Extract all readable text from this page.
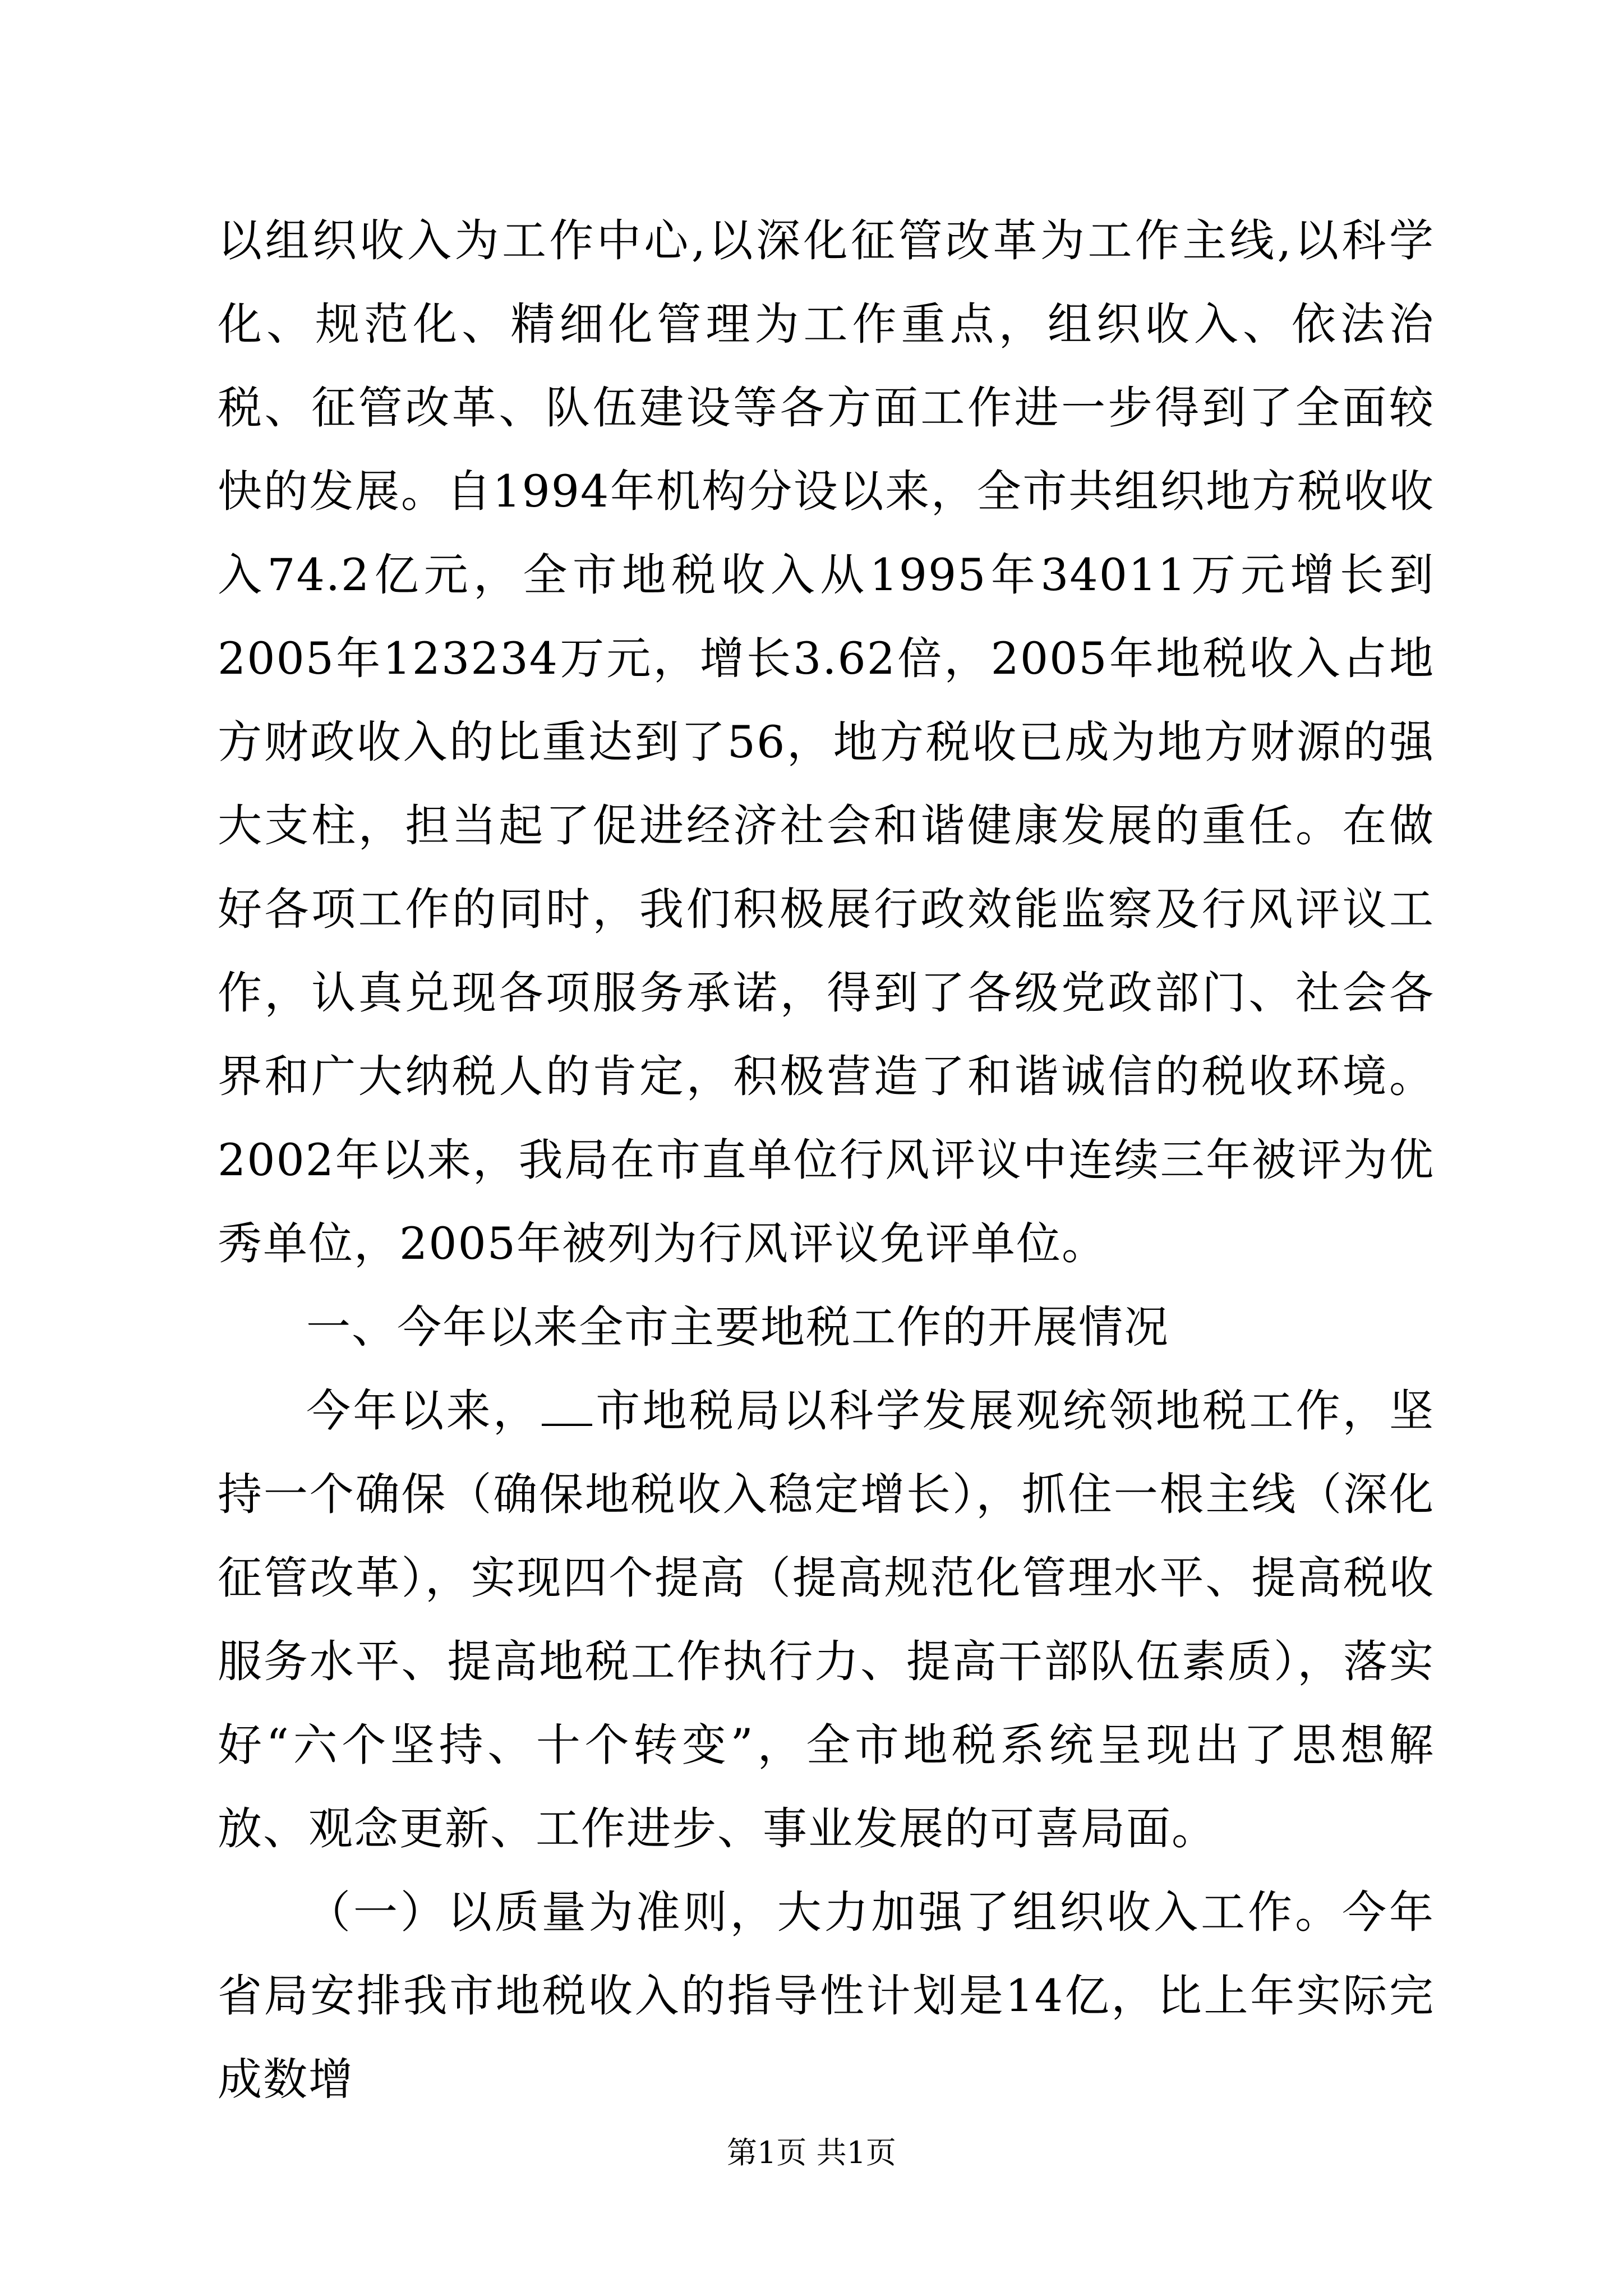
以组织收入为工作中心,以深化征管改革为工作主线,以科学化、规范化、精细化管理为工作重点，组织收入、依法治税、征管改革、队伍建设等各方面工作进一步得到了全面较快的发展。自1994年机构分设以来，全市共组织地方税收收入74.2亿元，全市地税收入从1995年34011万元增长到2005年123234万元，增长3.62倍，2005年地税收入占地方财政收入的比重达到了56，地方税收已成为地方财源的强大支柱，担当起了促进经济社会和谐健康发展的重任。在做好各项工作的同时，我们积极展行政效能监察及行风评议工作，认真兑现各项服务承诺，得到了各级党政部门、社会各界和广大纳税人的肯定，积极营造了和谐诚信的税收环境。2002年以来，我局在市直单位行风评议中连续三年被评为优秀单位，2005年被列为行风评议免评单位。

一、今年以来全市主要地税工作的开展情况

今年以来， 市地税局以科学发展观统领地税工作，坚持一个确保（确保地税收入稳定增长），抓住一根主线（深化征管改革），实现四个提高（提高规范化管理水平、提高税收服务水平、提高地税工作执行力、提高干部队伍素质），落实好“六个坚持、十个转变”，全市地税系统呈现出了思想解放、观念更新、工作进步、事业发展的可喜局面。

（一）以质量为准则，大力加强了组织收入工作。今年省局安排我市地税收入的指导性计划是14亿，比上年实际完成数增

第1页 共1页
